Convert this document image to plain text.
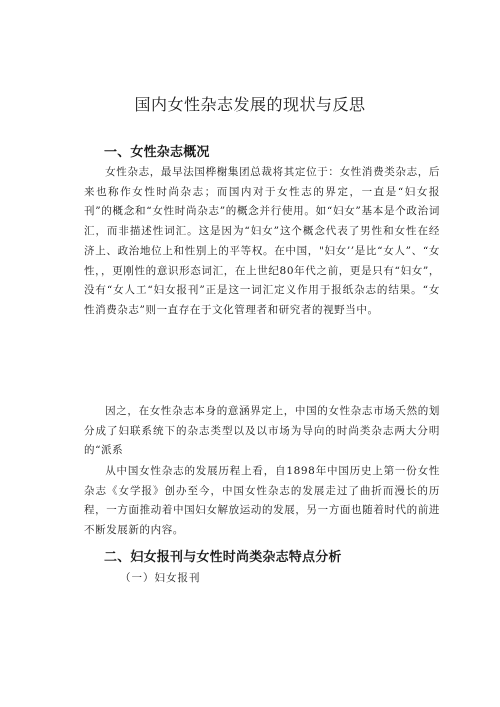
国内女性杂志发展的现状与反思
一、女性杂志概况
女性杂志，最早法国桦榭集团总裁将其定位于：女性消费类杂志，后来也称作女性时尚杂志；而国内对于女性志的界定，一直是“妇女报刊”的概念和“女性时尚杂志”的概念并行使用。如“妇女”基本是个政治词汇，而非描述性词汇。这是因为“妇女”这个概念代表了男性和女性在经济上、政治地位上和性别上的平等权。在中国，"妇女’’是比“女人”、“女性，，更刚性的意识形态词汇，在上世纪80年代之前，更是只有“妇女”，没有“女人工“妇女报刊”正是这一词汇定义作用于报纸杂志的结果。“女性消费杂志”则一直存在于文化管理者和研究者的视野当中。
因之，在女性杂志本身的意涵界定上，中国的女性杂志市场夭然的划分成了妇联系统下的杂志类型以及以市场为导向的时尚类杂志两大分明的“派系
从中国女性杂志的发展历程上看，自1898年中国历史上第一份女性杂志《女学报》创办至今，中国女性杂志的发展走过了曲折而漫长的历程，一方面推动着中国妇女解放运动的发展，另一方面也随着时代的前进不断发展新的内容。
二、妇女报刊与女性时尚类杂志特点分析
（一）妇女报刊
